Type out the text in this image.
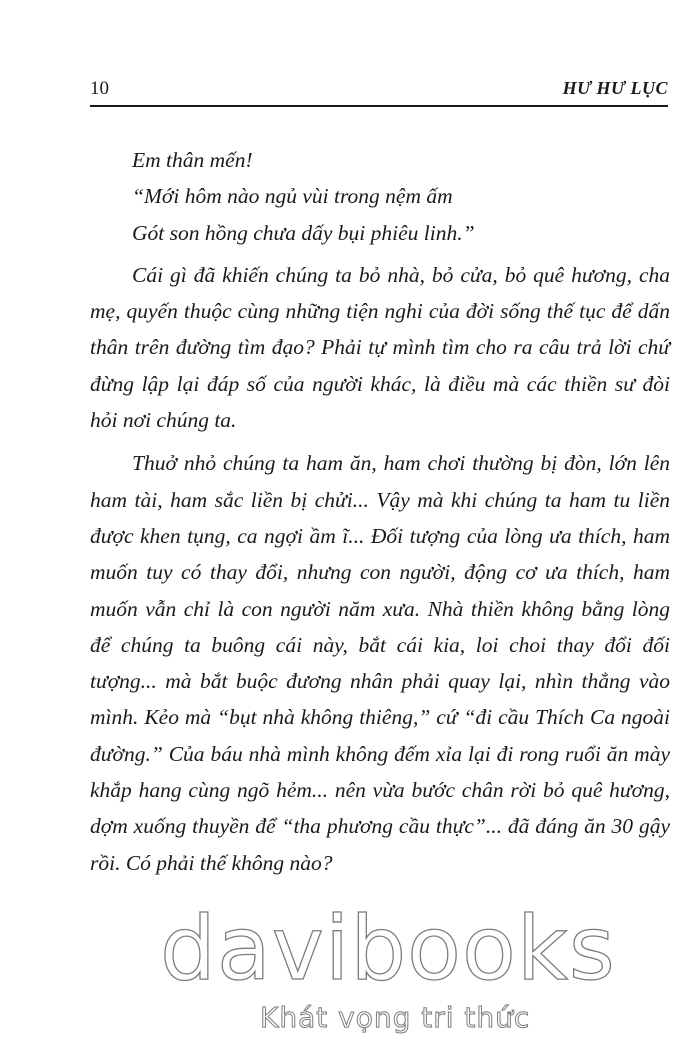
10	HƯ HƯ LỤC

Em thân mến!

“Mới hôm nào ngủ vùi trong nệm ấm

Gót son hồng chưa dấy bụi phiêu linh.”

Cái gì đã khiến chúng ta bỏ nhà, bỏ cửa, bỏ quê hương, cha mẹ, quyến thuộc cùng những tiện nghi của đời sống thế tục để dấn thân trên đường tìm đạo? Phải tự mình tìm cho ra câu trả lời chứ đừng lập lại đáp số của người khác, là điều mà các thiền sư đòi hỏi nơi chúng ta.

Thuở nhỏ chúng ta ham ăn, ham chơi thường bị đòn, lớn lên ham tài, ham sắc liền bị chửi... Vậy mà khi chúng ta ham tu liền được khen tụng, ca ngợi ầm ĩ... Đối tượng của lòng ưa thích, ham muốn tuy có thay đổi, nhưng con người, động cơ ưa thích, ham muốn vẫn chỉ là con người năm xưa. Nhà thiền không bằng lòng để chúng ta buông cái này, bắt cái kia, loi choi thay đổi đối tượng... mà bắt buộc đương nhân phải quay lại, nhìn thẳng vào mình. Kẻo mà “bụt nhà không thiêng,” cứ “đi cầu Thích Ca ngoài đường.” Của báu nhà mình không đếm xỉa lại đi rong ruổi ăn mày khắp hang cùng ngõ hẻm... nên vừa bước chân rời bỏ quê hương, dợm xuống thuyền để “tha phương cầu thực”... đã đáng ăn 30 gậy rồi. Có phải thế không nào?

davibooks
Khát vọng tri thức
